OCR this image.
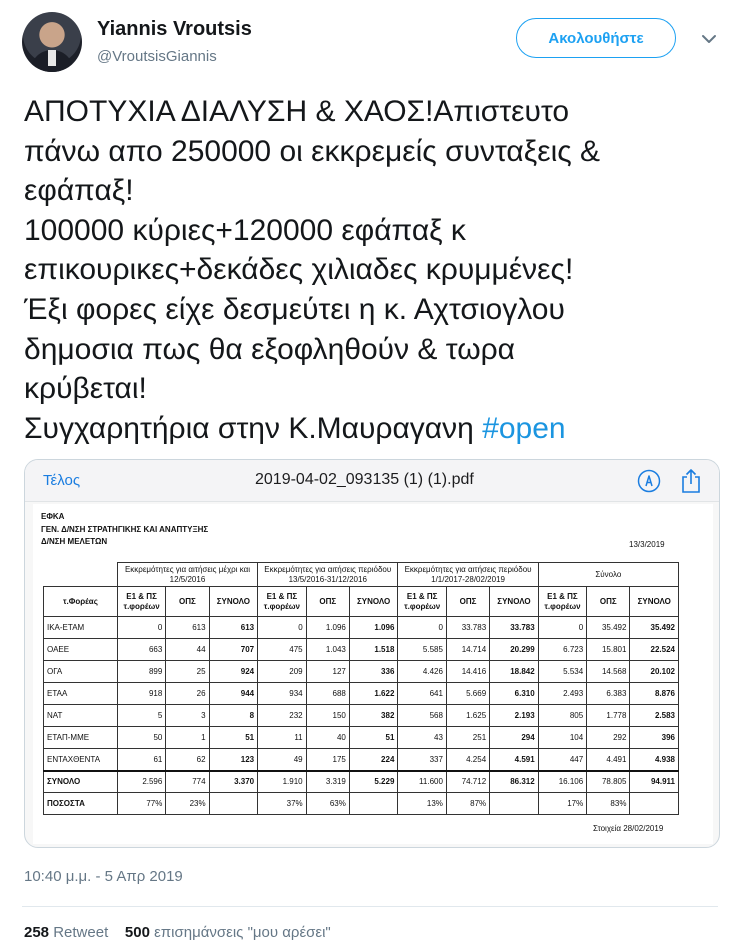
Yiannis Vroutsis
@VroutsisGiannis
Ακολουθήστε
ΑΠΟΤΥΧΙΑ ΔΙΑΛΥΣΗ & ΧΑΟΣ!Απιστευτο
πάνω απο 250000 οι εκκρεμείς συνταξεις &
εφάπαξ!
100000 κύριες+120000 εφάπαξ κ
επικουρικες+δεκάδες χιλιαδες κρυμμένες!
Έξι φορες είχε δεσμεύτει η κ. Αχτσιογλου
δημοσια πως θα εξοφληθούν & τωρα
κρύβεται!
Συγχαρητήρια στην Κ.Μαυραγανη #open
Τέλος	2019-04-02_093135 (1) (1).pdf
ΕΦΚΑ
ΓΕΝ. Δ/ΝΣΗ ΣΤΡΑΤΗΓΙΚΗΣ ΚΑΙ ΑΝΑΠΤΥΞΗΣ
Δ/ΝΣΗ ΜΕΛΕΤΩΝ	13/3/2019
	Εκκρεμότητες για αιτήσεις μέχρι και 12/5/2016			Εκκρεμότητες για αιτήσεις περιόδου 13/5/2016-31/12/2016			Εκκρεμότητες για αιτήσεις περιόδου 1/1/2017-28/02/2019			Σύνολο		
τ.Φορέας	Ε1 & ΠΣ τ.φορέων	ΟΠΣ	ΣΥΝΟΛΟ	Ε1 & ΠΣ τ.φορέων	ΟΠΣ	ΣΥΝΟΛΟ	Ε1 & ΠΣ τ.φορέων	ΟΠΣ	ΣΥΝΟΛΟ	Ε1 & ΠΣ τ.φορέων	ΟΠΣ	ΣΥΝΟΛΟ
ΙΚΑ-ΕΤΑΜ	0	613	613	0	1.096	1.096	0	33.783	33.783	0	35.492	35.492
ΟΑΕΕ	663	44	707	475	1.043	1.518	5.585	14.714	20.299	6.723	15.801	22.524
ΟΓΑ	899	25	924	209	127	336	4.426	14.416	18.842	5.534	14.568	20.102
ΕΤΑΑ	918	26	944	934	688	1.622	641	5.669	6.310	2.493	6.383	8.876
ΝΑΤ	5	3	8	232	150	382	568	1.625	2.193	805	1.778	2.583
ΕΤΑΠ-ΜΜΕ	50	1	51	11	40	51	43	251	294	104	292	396
ΕΝΤΑΧΘΕΝΤΑ	61	62	123	49	175	224	337	4.254	4.591	447	4.491	4.938
ΣΥΝΟΛΟ	2.596	774	3.370	1.910	3.319	5.229	11.600	74.712	86.312	16.106	78.805	94.911
ΠΟΣΟΣΤΑ	77%	23%		37%	63%		13%	87%		17%	83%	
Στοιχεία 28/02/2019
10:40 μ.μ. - 5 Απρ 2019
258 Retweet 500 επισημάνσεις "μου αρέσει"
